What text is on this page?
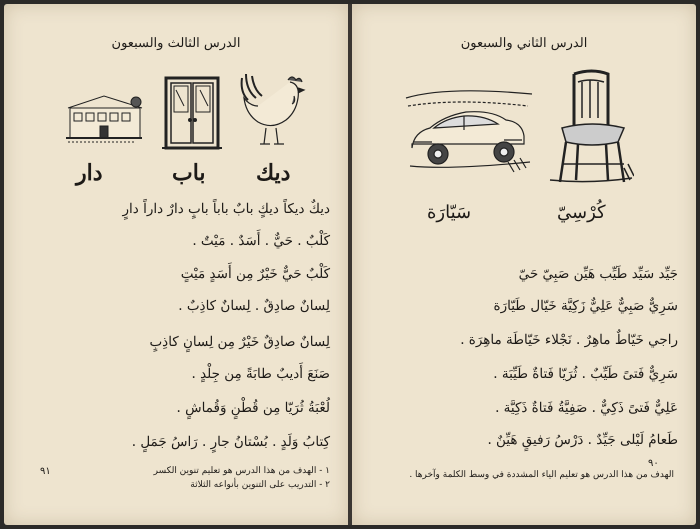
الدرس الثالث والسبعون
ديك
باب
دار
ديكٌ ديكاً ديكٍ بابٌ باباً بابٍ دارٌ داراً دارٍ
كَلْبٌ . حَيٌّ . أَسَدٌ . مَيْتٌ .
كَلْبٌ حَيٌّ خَيْرٌ مِن أَسَدٍ مَيْتٍ
لِسانٌ صادِقٌ . لِسانٌ كاذِبٌ .
لِسانٌ صادِقٌ خَيْرٌ مِن لِسانٍ كاذِبٍ
صَنَعَ أَديبٌ طابَةً مِن جِلْدٍ .
لُعْبَةُ ثُرَيّا مِن قُطْنٍ وَقُماشٍ .
كِتابُ وَلَدٍ . بُسْتانُ جارٍ . رَاسُ جَمَلٍ .
١ - الهدف من هذا الدرس هو تعليم تنوين الكسر
٢ - التدريب على التنوين بأنواعه الثلاثة
٩١
الدرس الثاني والسبعون
كُرْسِيّ
سَيّارَة
جَيِّد سَيِّد طَيِّب هَيِّن صَبِيّ حَيّ
سَرِيٌّ صَبِيٌّ عَلِيٌّ زَكِيَّة خَيّال طَيّارَة
راجي خَيّاطٌ ماهِرٌ . نَجْلاء خَيّاطَة ماهِرَة .
سَرِيٌّ فَتىً طَيِّبٌ . ثُرَيّا فَتاةٌ طَيِّبَة .
عَلِيٌّ فَتىً ذَكِيٌّ . صَفِيَّةُ فَتاةٌ ذَكِيَّة .
طَعامُ لَيْلى جَيِّدٌ . دَرْسُ رَفيقٍ هَيِّنٌ .
الهدف من هذا الدرس هو تعليم الياء المشددة في وسط الكلمة وآخرها .
٩٠
